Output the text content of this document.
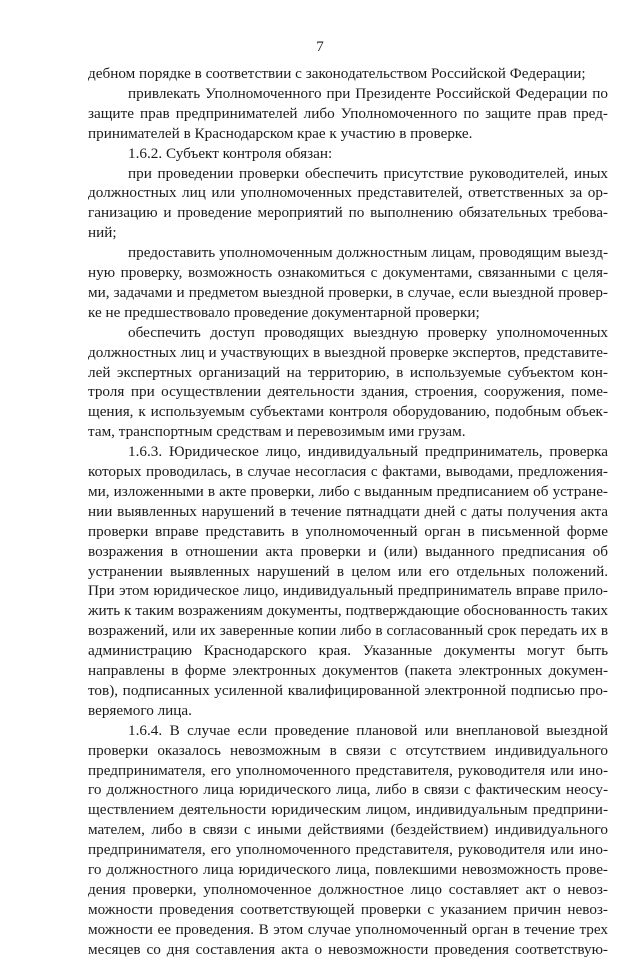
7
дебном порядке в соответствии с законодательством Российской Федерации;
привлекать Уполномоченного при Президенте Российской Федерации по
защите прав предпринимателей либо Уполномоченного по защите прав пред-
принимателей в Краснодарском крае к участию в проверке.
1.6.2. Субъект контроля обязан:
при проведении проверки обеспечить присутствие руководителей, иных
должностных лиц или уполномоченных представителей, ответственных за ор-
ганизацию и проведение мероприятий по выполнению обязательных требова-
ний;
предоставить уполномоченным должностным лицам, проводящим выезд-
ную проверку, возможность ознакомиться с документами, связанными с целя-
ми, задачами и предметом выездной проверки, в случае, если выездной провер-
ке не предшествовало проведение документарной проверки;
обеспечить доступ проводящих выездную проверку уполномоченных
должностных лиц и участвующих в выездной проверке экспертов, представите-
лей экспертных организаций на территорию, в используемые субъектом кон-
троля при осуществлении деятельности здания, строения, сооружения, поме-
щения, к используемым субъектами контроля оборудованию, подобным объек-
там, транспортным средствам и перевозимым ими грузам.
1.6.3. Юридическое лицо, индивидуальный предприниматель, проверка
которых проводилась, в случае несогласия с фактами, выводами, предложения-
ми, изложенными в акте проверки, либо с выданным предписанием об устране-
нии выявленных нарушений в течение пятнадцати дней с даты получения акта
проверки вправе представить в уполномоченный орган в письменной форме
возражения в отношении акта проверки и (или) выданного предписания об
устранении выявленных нарушений в целом или его отдельных положений.
При этом юридическое лицо, индивидуальный предприниматель вправе прило-
жить к таким возражениям документы, подтверждающие обоснованность таких
возражений, или их заверенные копии либо в согласованный срок передать их в
администрацию Краснодарского края. Указанные документы могут быть
направлены в форме электронных документов (пакета электронных докумен-
тов), подписанных усиленной квалифицированной электронной подписью про-
веряемого лица.
1.6.4. В случае если проведение плановой или внеплановой выездной
проверки оказалось невозможным в связи с отсутствием индивидуального
предпринимателя, его уполномоченного представителя, руководителя или ино-
го должностного лица юридического лица, либо в связи с фактическим неосу-
ществлением деятельности юридическим лицом, индивидуальным предприни-
мателем, либо в связи с иными действиями (бездействием) индивидуального
предпринимателя, его уполномоченного представителя, руководителя или ино-
го должностного лица юридического лица, повлекшими невозможность прове-
дения проверки, уполномоченное должностное лицо составляет акт о невоз-
можности проведения соответствующей проверки с указанием причин невоз-
можности ее проведения. В этом случае уполномоченный орган в течение трех
месяцев со дня составления акта о невозможности проведения соответствую-
